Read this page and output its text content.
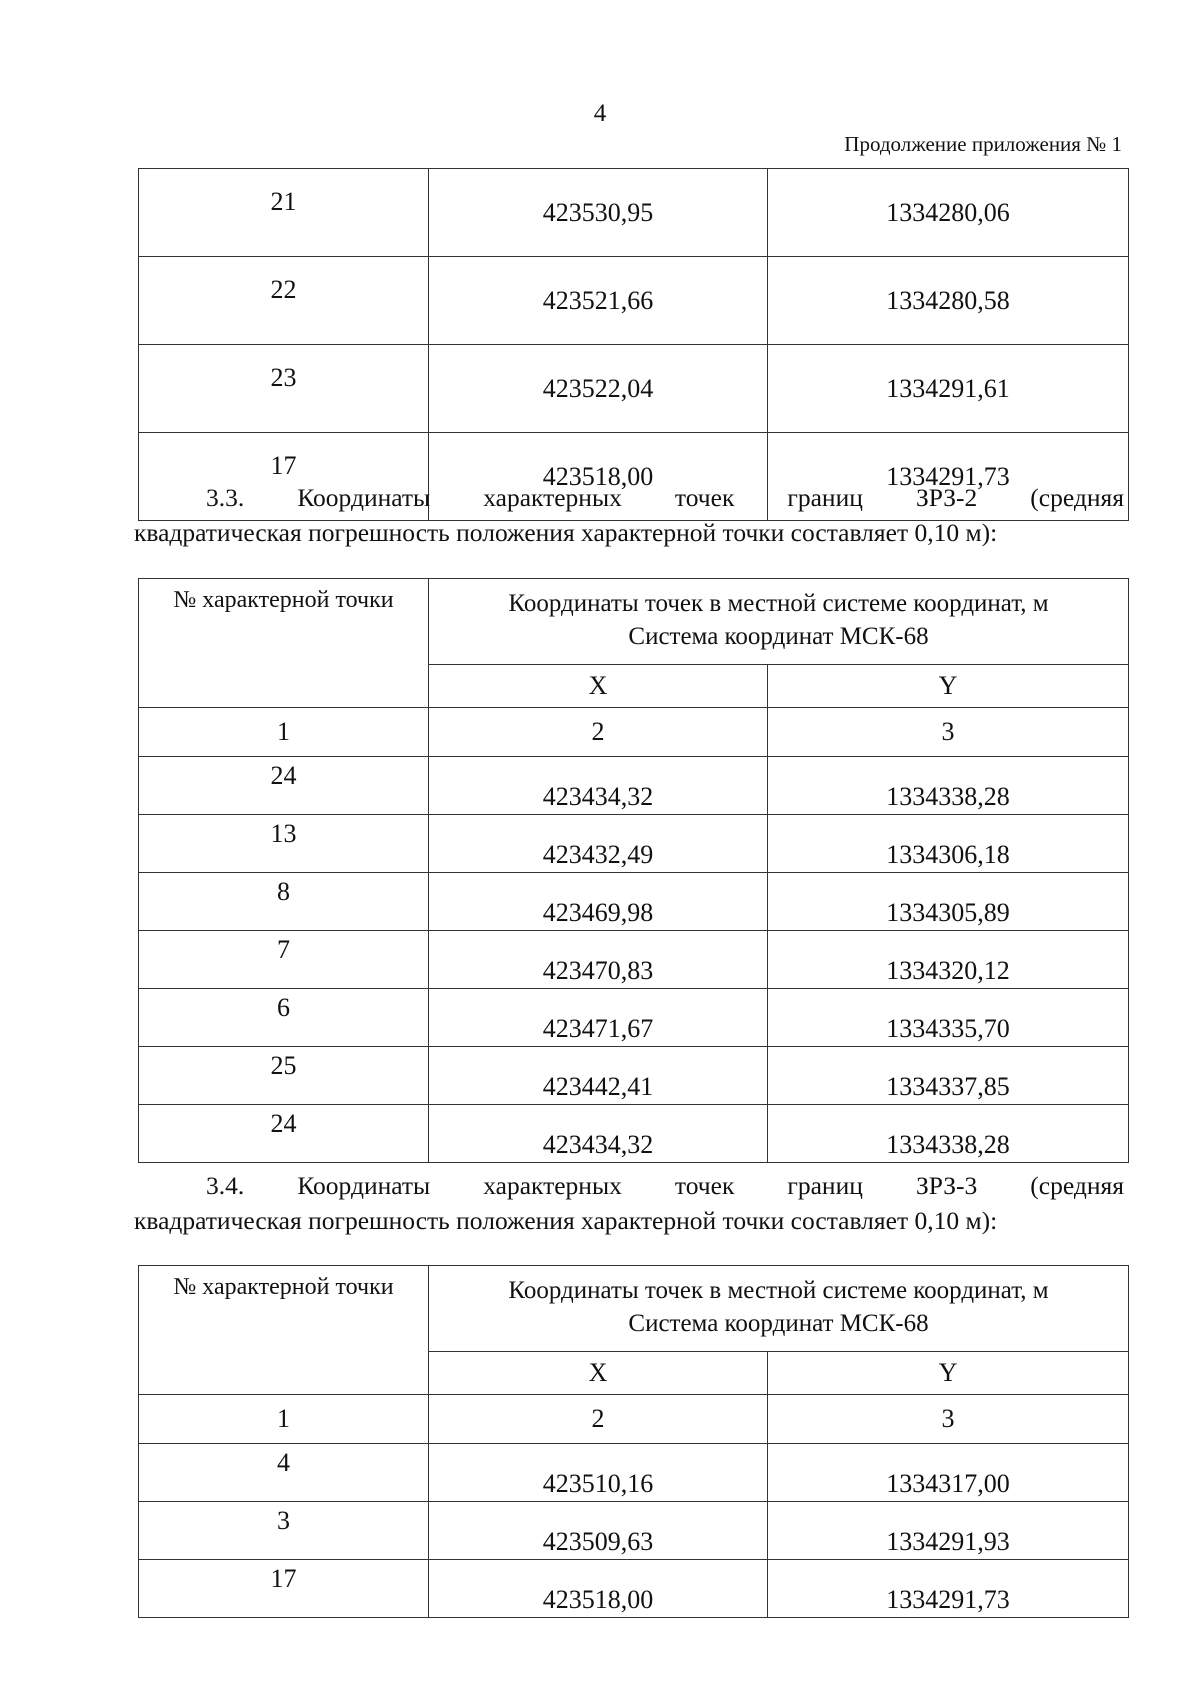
4
Продолжение приложения № 1
21	423530,95	1334280,06
22	423521,66	1334280,58
23	423522,04	1334291,61
17	423518,00	1334291,73
3.3. Координаты характерных точек границ ЗРЗ-2 (средняя
квадратическая погрешность положения характерной точки составляет 0,10 м):
№ характерной точки	Координаты точек в местной системе координат, м
Система координат МСК-68	

	X	Y
1	2	3
24	423434,32	1334338,28
13	423432,49	1334306,18
8	423469,98	1334305,89
7	423470,83	1334320,12
6	423471,67	1334335,70
25	423442,41	1334337,85
24	423434,32	1334338,28
3.4. Координаты характерных точек границ ЗРЗ-3 (средняя
квадратическая погрешность положения характерной точки составляет 0,10 м):
№ характерной точки	Координаты точек в местной системе координат, м
Система координат МСК-68	

	X	Y
1	2	3
4	423510,16	1334317,00
3	423509,63	1334291,93
17	423518,00	1334291,73
